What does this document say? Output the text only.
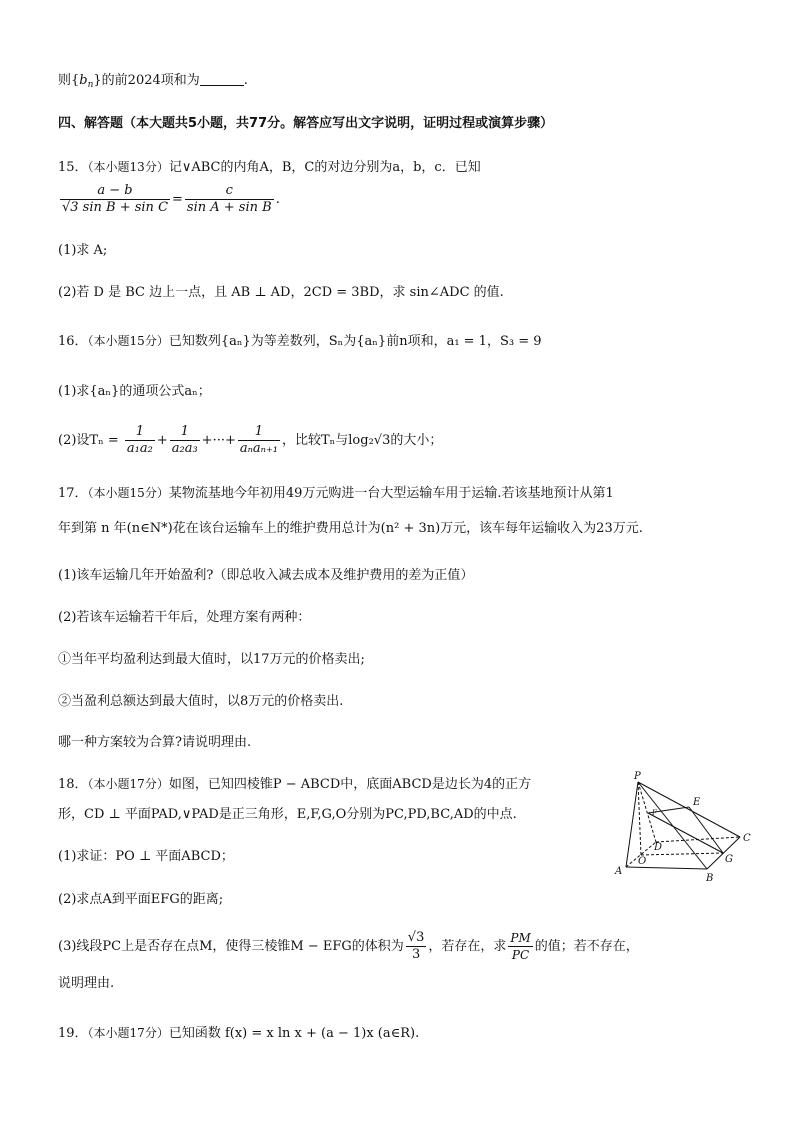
则$\{b_n\}$的前2024项和为	.
四、解答题（本大题共5小题，共77分。解答应写出文字说明，证明过程或演算步骤）
15．（本小题13分）记∨ABC的内角A，B，C的对边分别为a，b，c．已知
$\frac{a - b}{\text{√3 sin B + sin C}} = \frac{c}{\text{sin A + sin B}}$ .
(1)求 A;
(2)若 D 是 BC 边上一点，且 AB ⊥ AD，2CD = 3BD，求 sin∠ADC 的值.
16．（本小题15分）已知数列{aₙ}为等差数列，Sₙ为{aₙ}前n项和，a₁ = 1，S₃ = 9
(1)求{aₙ}的通项公式aₙ；
(2)设$T_n = \frac{1}{\text{a₁a₂}} + \frac{1}{\text{a₂a₃}}$ +···+ $\frac{1}{\text{aₙaₙ₊₁}}$ ，比较Tₙ与log₂√3的大小；
17．（本小题15分）某物流基地今年初用49万元购进一台大型运输车用于运输.若该基地预计从第1
年到第 n 年(n∈N*)花在该台运输车上的维护费用总计为(n² + 3n)万元，该车每年运输收入为23万元.
(1)该车运输几年开始盈利?（即总收入减去成本及维护费用的差为正值）
(2)若该车运输若干年后，处理方案有两种：
①当年平均盈利达到最大值时，以17万元的价格卖出;
②当盈利总额达到最大值时，以8万元的价格卖出.
哪一种方案较为合算?请说明理由.
18．（本小题17分）如图，已知四棱锥P − ABCD中，底面ABCD是边长为4的正方
形，CD ⊥ 平面PAD,∨PAD是正三角形，E,F,G,O分别为PC,PD,BC,AD的中点.
(1)求证：PO ⊥ 平面ABCD；
(2)求点A到平面EFG的距离;
(3)线段PC上是否存在点M，使得三棱锥M − EFG的体积为 $\frac{√3}{3}$ ，若存在，求 $\frac{PM}{PC}$ 的值；若不存在，
说明理由.
P
E
C
F
D
G
O
A
B
19．（本小题17分）已知函数 f(x) = x ln x + (a − 1)x (a∈R).
